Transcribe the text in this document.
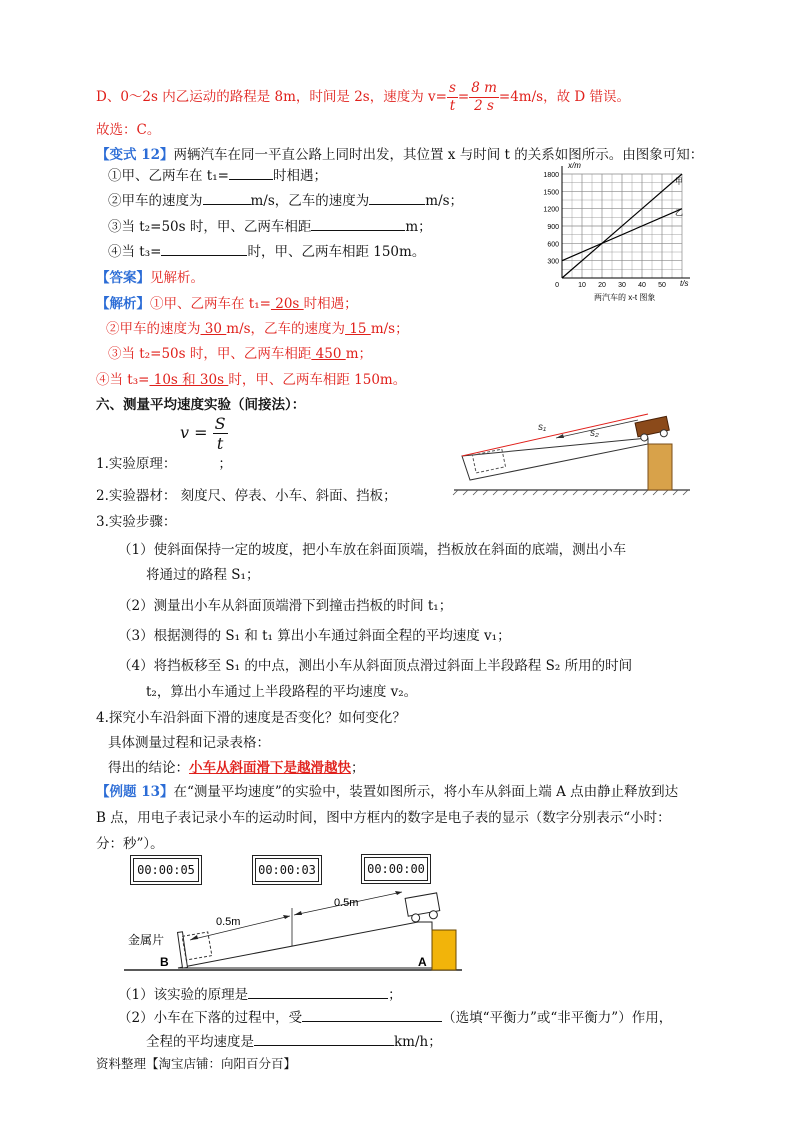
D、0～2s 内乙运动的路程是 8m，时间是 2s，速度为 $v= \frac{s}{t} = \frac{8 m}{2 s} =4m/s$，故 D 错误。
故选：C。
【变式 12】两辆汽车在同一平直公路上同时出发，其位置 x 与时间 t 的关系如图所示。由图象可知：
①甲、乙两车在 t₁=	时相遇；
②甲车的速度为	m/s，乙车的速度为	m/s；
③当 t₂=50s 时，甲、乙两车相距	m；
④当 t₃=	时，甲、乙两车相距 150m。
1800
1500
1200
900
600
300
0	10 20 30 40 50
x/m
t/s
甲
乙
两汽车的 x-t 图象
【答案】见解析。
【解析】①甲、乙两车在 t₁= 20s 时相遇；
②甲车的速度为 30 m/s，乙车的速度为 15 m/s；
③当 t₂=50s 时，甲、乙两车相距 450 m；
④当 t₃= 10s 和 30s 时，甲、乙两车相距 150m。
六、测量平均速度实验（间接法）：
$v = \frac{S}{t}$
1.实验原理：	；
2.实验器材： 刻度尺、停表、小车、斜面、挡板；
3.实验步骤：
（1）使斜面保持一定的坡度，把小车放在斜面顶端，挡板放在斜面的底端，测出小车
将通过的路程 S₁；
（2）测量出小车从斜面顶端滑下到撞击挡板的时间 t₁；
（3）根据测得的 S₁ 和 t₁ 算出小车通过斜面全程的平均速度 v₁；
（4）将挡板移至 S₁ 的中点，测出小车从斜面顶点滑过斜面上半段路程 S₂ 所用的时间
t₂，算出小车通过上半段路程的平均速度 v₂。
4.探究小车沿斜面下滑的速度是否变化？如何变化？
具体测量过程和记录表格：
得出的结论：小车从斜面滑下是越滑越快；
s₁
s₂
【例题 13】在“测量平均速度”的实验中，装置如图所示，将小车从斜面上端 A 点由静止释放到达
B 点，用电子表记录小车的运动时间，图中方框内的数字是电子表的显示（数字分别表示“小时：
分：秒”）。
00:00:05	00:00:03	00:00:00
0.5m
0.5m
金属片
B	A
（1）该实验的原理是	；
（2）小车在下落的过程中，受	（选填“平衡力”或“非平衡力”）作用，
全程的平均速度是	km/h；
资料整理【淘宝店铺：向阳百分百】
